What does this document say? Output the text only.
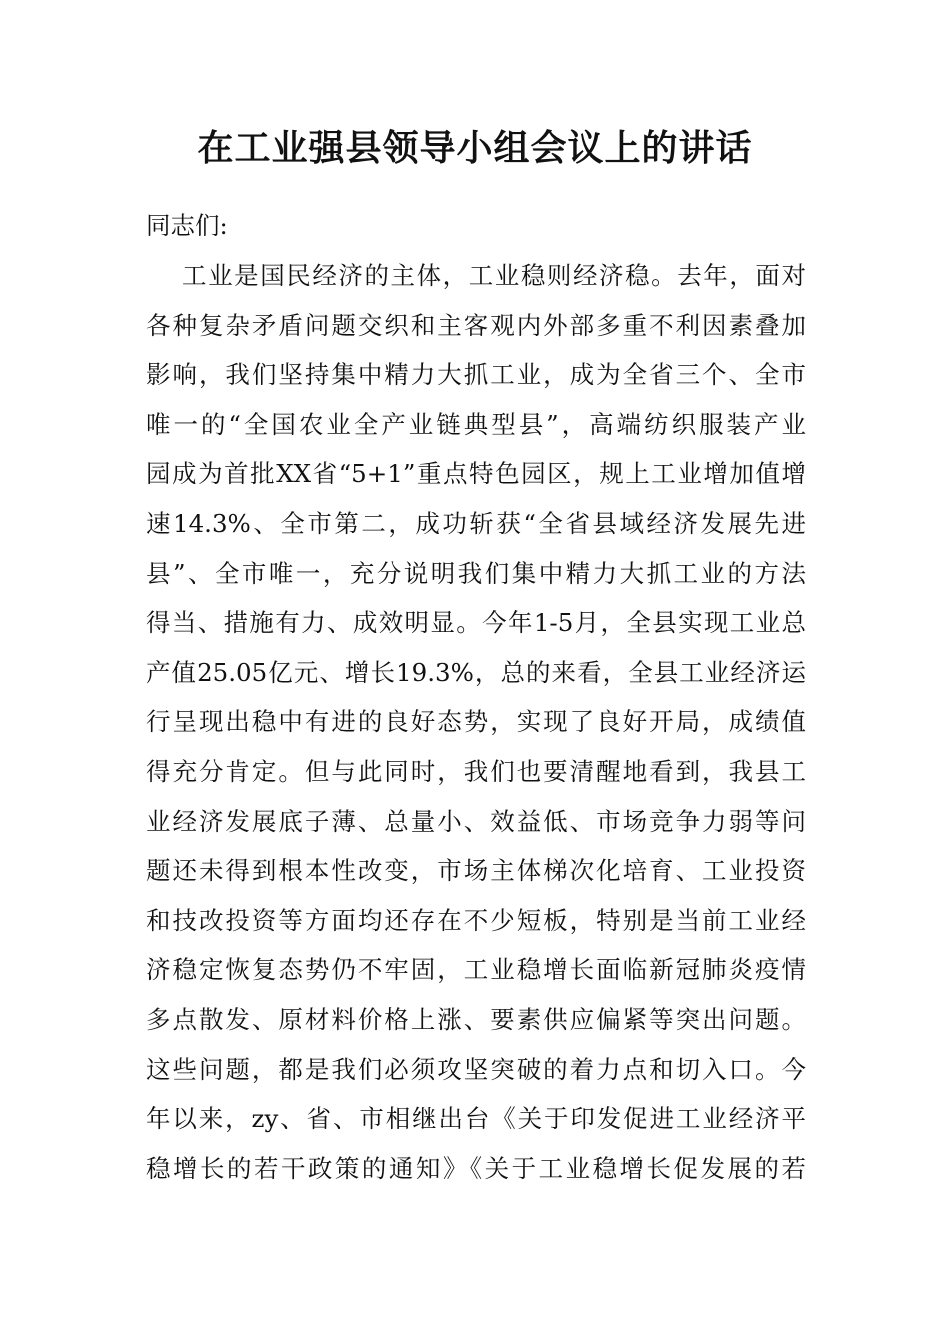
在工业强县领导小组会议上的讲话

同志们:

工业是国民经济的主体，工业稳则经济稳。去年，面对
各种复杂矛盾问题交织和主客观内外部多重不利因素叠加
影响，我们坚持集中精力大抓工业，成为全省三个、全市
唯一的“全国农业全产业链典型县”，高端纺织服装产业
园成为首批XX省“5+1”重点特色园区，规上工业增加值增
速14.3%、全市第二，成功斩获“全省县域经济发展先进
县”、全市唯一，充分说明我们集中精力大抓工业的方法
得当、措施有力、成效明显。今年1-5月，全县实现工业总
产值25.05亿元、增长19.3%，总的来看，全县工业经济运
行呈现出稳中有进的良好态势，实现了良好开局，成绩值
得充分肯定。但与此同时，我们也要清醒地看到，我县工
业经济发展底子薄、总量小、效益低、市场竞争力弱等问
题还未得到根本性改变，市场主体梯次化培育、工业投资
和技改投资等方面均还存在不少短板，特别是当前工业经
济稳定恢复态势仍不牢固，工业稳增长面临新冠肺炎疫情
多点散发、原材料价格上涨、要素供应偏紧等突出问题。
这些问题，都是我们必须攻坚突破的着力点和切入口。今
年以来，zy、省、市相继出台《关于印发促进工业经济平
稳增长的若干政策的通知》《关于工业稳增长促发展的若
